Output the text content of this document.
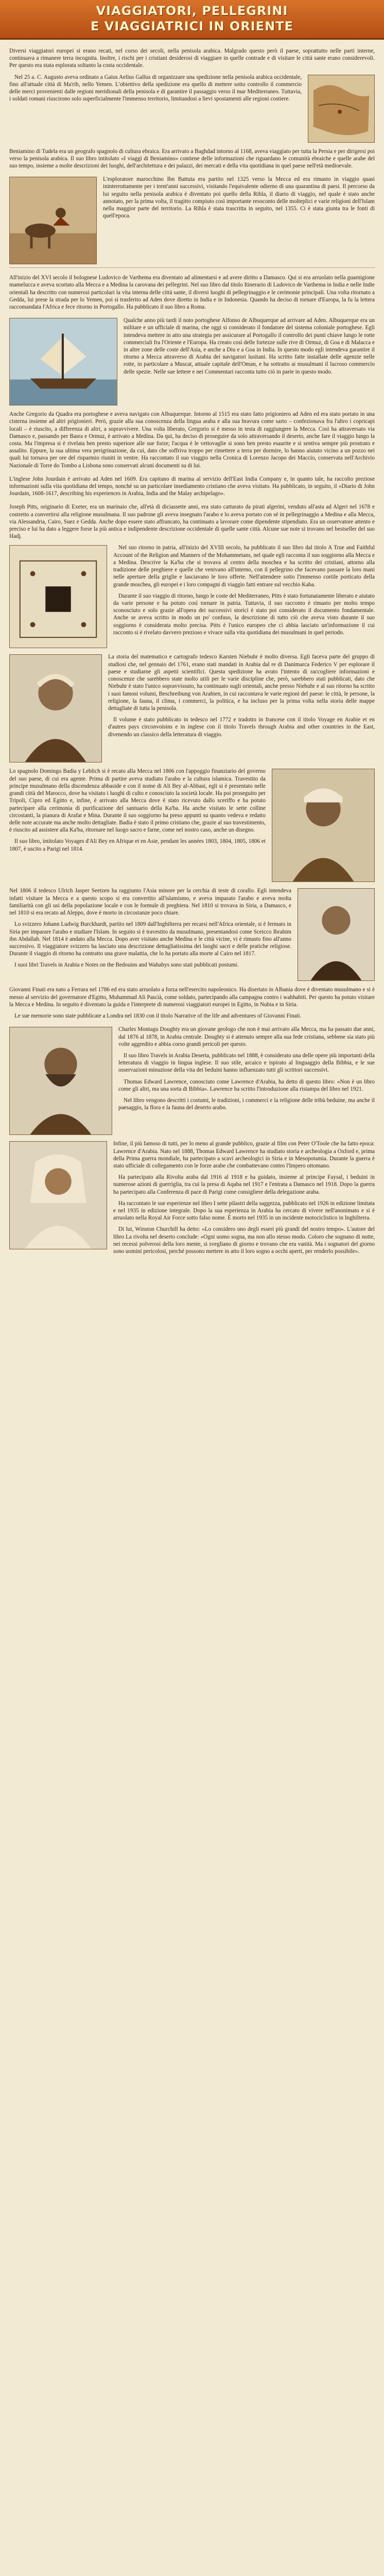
VIAGGIATORI, PELLEGRINI
E VIAGGIATRICI IN ORIENTE

Diversi viaggiatori europei si erano recati, nel corso dei secoli, nella penisola arabica. Malgrado questo però il paese, soprattutto nelle parti interne, continuava a rimanere terra incognita. Inoltre, i rischi per i cristiani desiderosi di viaggiare in quelle contrade e di visitare le città sante erano considerevoli. Per questo era stata esplorata soltanto la costa occidentale.

Nel 25 a. C. Augusto aveva ordinato a Gaius Aelius Gallus di organizzare una spedizione nella penisola arabica occidentale, fino all'attuale città di Ma'rib, nello Yemen. L'obiettivo della spedizione era quello di mettere sotto controllo il commercio delle merci provenienti dalle regioni meridionali della penisola e di garantire il passaggio verso il mar Mediterraneo. Tuttavia, i soldati romani riuscirono solo superficialmente l'immenso territorio, limitandosi a lievi spostamenti alle regioni costiere.

Beniamino di Tudela era un geografo spagnolo di cultura ebraica. Era arrivato a Baghdad intorno al 1168, aveva viaggiato per tutta la Persia e per dirigersi poi verso la penisola arabica. Il suo libro intitolato «I viaggi di Beniamino» contiene delle informazioni che riguardano le comunità ebraiche e quelle arabe del suo tempo, insieme a molte descrizioni dei luoghi, dell'architettura e dei palazzi, dei mercati e della vita quotidiana in quel paese nell'età medioevale.

L'esploratore marocchino Ibn Battuta era partito nel 1325 verso la Mecca ed era rimasto in viaggio quasi ininterrottamente per i trent'anni successivi, visitando l'equivalente odierno di una quarantina di paesi. Il percorso da lui seguito nella penisola arabica è diventato poi quello della Rihla, il diario di viaggio, nel quale è stato anche annotato, per la prima volta, il tragitto compiuto così importante resoconto delle molteplici e varie religioni dell'Islam nella maggior parte del territorio. La Rihla è stata trascritta in seguito, nel 1355. Ci è stata giunta tra le fonti di quell'epoca.

All'inizio del XVI secolo il bolognese Ludovico de Varthema era diventato ad alimentarsi e ad avere diritto a Damasco. Qui si era arruolato nella guarnigione mamelucca e aveva scortato alla Mecca e a Medina la carovana dei pellegrini. Nel suo libro dal titolo Itinerario di Ludovico de Varthema in India e nelle Indie orientali ha descritto con numerosi particolari la vita interna delle città sante, il diversi luoghi di pellegrinaggio e le cerimonie principali. Una volta ritornato a Gedda, lui prese la strada per lo Yemen, poi si trasferito ad Aden dove diretto in India e in Indonesia. Quando ha deciso di tornare d'Europa, la fu la lettera raccomandata l'Africa e fece ritorno in Portogallo. Ha pubblicato il suo libro a Roma.

Qualche anno più tardi il noto portoghese Alfonso de Albuquerque ad arrivare ad Aden. Albuquerque era un militare e un ufficiale di marina, che oggi si considerato il fondatore del sistema coloniale portoghese. Egli intendeva mettere in atto una strategia per assicurare al Portogallo il controllo dei punti chiave lungo le rotte commerciali fra l'Oriente e l'Europa. Ha creato così delle fortezze sulle rive di Ormuz, di Goa e di Malacca e in altre zone delle coste dell'Asia, e anche a Diu e a Goa in India. In questo modo egli intendeva garantire il ritorno a Mecca attraverso di Arabia dei navigatori lusitani. Ha scritto fatte installate delle agenzie nelle rotte, in particolare a Muscat, attuale capitale dell'Oman, e ha sottratto ai musulmani il lucroso commercio delle spezie. Nelle sue lettere e nei Commentari racconta tutto ciò in parte in questo modo.

Anche Gregorio da Quadra era portoghese e aveva navigato con Albuquerque. Intorno al 1515 era stato fatto prigioniero ad Aden ed era stato portato in una cisterna insieme ad altri prigionieri. Però, grazie alla sua conoscenza della lingua araba e alla sua bravura come sarto – confezionava fra l'altro i copricapi locali – è riuscito, a differenza di altri, a sopravvivere. Una volta liberato, Gregorio si è messo in testa di raggiungere la Mecca. Così ha attraversato via Damasco e, passando per Basra e Ormuz, è arrivato a Medina. Da qui, ha deciso di proseguire da solo attraversando il deserto, anche fare il viaggio lungo la costa. Ma l'impresa si è rivelata ben presto superiore alle sue forze; l'acqua è le vettovaglie si sono ben presto esaurite e si sentiva sempre più prostrato e assalito. Eppure, la sua ultima vera perigrinazione, da cui, dato che soffriva troppo per rimettere a terra per dormire, lo hanno aiutato vicino a un pozzo nei quali lui tornava per ore del risparmio riuniti in ventre. Ha raccontato il suo viaggio nella Cronica di Lorenzo Jacopo dei Maccio, conservata nell'Archivio Nazionale di Torre do Tombo a Lisbona sono conservati alcuni documenti su di lui.

L'inglese John Jourdain è arrivato ad Aden nel 1609. Era capitano di marina al servizio dell'East India Company e, in quanto tale, ha raccolto preziose informazioni sulla vita quotidiana del tempo, nonché su un particolare insediamento cristiano che aveva visitato. Ha pubblicato, in seguito, il «Diario di John Jourdain, 1608-1617, describing his experiences in Arabia, India and the Malay archipelago».

Joseph Pitts, originario di Exeter, era un marinaio che, all'età di diciassette anni, era stato catturato da pirati algerini, venduto all'asta ad Algeri nel 1678 e costretto a convertirsi alla religione musulmana. Il suo padrone gli aveva insegnato l'arabo e lo aveva portato con sé in pellegrinaggio a Medina e alla Mecca, via Alessandria, Cairo, Suez e Gedda. Anche dopo essere stato affrancato, ha continuato a lavorare come dipendente stipendiato. Era un osservatore attento e preciso e lui ha dato a leggere forse la più antica e indipendente descrizione occidentale di quelle sante città. Alcune sue note si trovano nel bestseller del suo Hadj.

Nel suo ritorno in patria, all'inizio del XVIII secolo, ha pubblicato il suo libro dal titolo A True and Faithful Account of the Religion and Manners of the Mohammetans, nel quale egli racconta il suo soggiorno alla Mecca e a Medina. Descrive la Ka'ba che si trovava al centro della moschea e ha scritto dei cristiani, attorno alla tradizione delle preghiere e quelle che venivano all'interno, con il pellegrino che facevano passare la loro mani nelle aperture della griglie e lasciavano le loro offerte. Nell'attendere sotto l'immenso cortile porticato della grande moschea, gli europei e i loro compagni di viaggio fatti entrare sul vecchio Kaba.

Durante il suo viaggio di ritorno, lungo le coste del Mediterraneo, Pitts è stato fortunatamente liberato e aiutato da varie persone e ha potuto così tornare in patria. Tuttavia, il suo racconto è rimasto per molto tempo sconosciuto e solo grazie all'opera dei successivi storici è stato poi considerato il documento fondamentale. Anche se aveva scritto in modo un po' confuso, la descrizione di tutto ciò che aveva visto durante il suo soggiorno è considerata molto precisa. Pitts è l'unico europeo che ci abbia lasciato un'informazione il cui racconto si è rivelato davvero prezioso e vivace sulla vita quotidiana dei musulmani in quel periodo.

La storia del matematico e cartografo tedesco Karsten Niebuhr è molto diversa. Egli faceva parte del gruppo di studiosi che, nel gennaio del 1761, erano stati mandati in Arabia dal re di Danimarca Federico V per esplorare il paese e studiarne gli aspetti scientifici. Questa spedizione ha avuto l'intento di raccogliere informazioni e conoscenze che sarebbero state molto utili per le varie discipline che, però, sarebbero stati pubblicati, dato che Niebuhr è stato l'unico sopravvissuto, ha continuato sugli orientali, anche presso Niebuhr e al suo ritorno ha scritto i suoi famosi volumi, Beschreibung von Arabien, in cui raccontava le varie regioni del paese: le città, le persone, la religione, la fauna, il clima, i commerci, la politica, e ha incluso per la prima volta nella storia delle mappe dettagliate di tutta la penisola.

Il volume è stato pubblicato in tedesco nel 1772 e tradotto in francese con il titolo Voyage en Arabie et en d'autres pays circonvoisins e in inglese con il titolo Travels through Arabia and other countries in the East, divenendo un classico della letteratura di viaggio.

Lo spagnolo Domingo Badia y Leblich si è recato alla Mecca nel 1806 con l'appoggio finanziario del governo del suo paese, di cui era agente. Prima di partire aveva studiato l'arabo e la cultura islamica. Travestito da principe musulmano della discendenza abbaside e con il nome di Ali Bey al-Abbasi, egli si è presentato nelle grandi città del Marocco, dove ha visitato i luoghi di culto e conosciuto la società locale. Ha poi proseguito per Tripoli, Cipro ed Egitto e, infine, è arrivato alla Mecca dove è stato ricevuto dallo sceriffo e ha potuto partecipare alla cerimonia di purificazione del santuario della Ka'ba. Ha anche visitato le sette colline circostanti, la pianura di Arafat e Mina. Durante il suo soggiorno ha preso appunti su quanto vedeva e redatto delle note accurate ma anche molto dettagliate. Badia è stato il primo cristiano che, grazie al suo travestimento, è riuscito ad assistere alla Ka'ba, ritornare nel luogo sacro e farne, come nel nostro caso, anche un disegno.

Il suo libro, intitolato Voyages d'Ali Bey en Afrique et en Asie, pendant les années 1803, 1804, 1805, 1806 et 1807, è uscito a Parigi nel 1814.

Nel 1806 il tedesco Ulrich Jasper Seetzen ha raggiunto l'Asia minore per la cerchia di teste di corallo. Egli intendeva infatti visitare la Mecca e a questo scopo si era convertito all'islamismo, e aveva imparato l'arabo e aveva molta familiarità con gli usi della popolazione locale e con le formule di preghiera. Nel 1810 si trovava in Siria, a Damasco, e nel 1810 si era recato ad Aleppo, dove è morto in circostanze poco chiare.

Lo svizzero Johann Ludwig Burckhardt, partito nel 1809 dall'Inghilterra per recarsi nell'Africa orientale, si è fermato in Siria per imparare l'arabo e studiare l'Islam. In seguito si è travestito da musulmano, presentandosi come Sceicco Ibrahim ibn Abdallah. Nel 1814 è andato alla Mecca. Dopo aver visitato anche Medina e le città vicine, vi è rimasto fino all'anno successivo. Il viaggiatore svizzero ha lasciato una descrizione dettagliatissima dei luoghi sacri e delle pratiche religiose. Durante il viaggio di ritorno ha contratto una grave malattia, che lo ha portato alla morte al Cairo nel 1817.

I suoi libri Travels in Arabia e Notes on the Bedouins and Wahabys sono stati pubblicati postumi.

Giovanni Finati era nato a Ferrara nel 1786 ed era stato arruolato a forza nell'esercito napoleonico. Ha disertato in Albania dove è diventato musulmano e si è messo al servizio del governatore d'Egitto, Muhammad Ali Pascià, come soldato, partecipando alla campagna contro i wahhabiti. Per questo ha potuto visitare la Mecca e Medina. In seguito è diventato la guida e l'interprete di numerosi viaggiatori europei in Egitto, in Nubia e in Siria.

Le sue memorie sono state pubblicate a Londra nel 1830 con il titolo Narrative of the life and adventures of Giovanni Finati.

Charles Montagu Doughty era un giovane geologo che non è mai arrivato alla Mecca, ma ha passato due anni, dal 1876 al 1878, in Arabia centrale. Doughty si è attenuto sempre alla sua fede cristiana, sebbene sia stato più volte aggredito e abbia corso grandi pericoli per questo.

Il suo libro Travels in Arabia Deserta, pubblicato nel 1888, è considerato una delle opere più importanti della letteratura di viaggio in lingua inglese. Il suo stile, arcaico e ispirato al linguaggio della Bibbia, e le sue osservazioni minuziose della vita dei beduini hanno influenzato tutti gli scrittori successivi.

Thomas Edward Lawrence, conosciuto come Lawrence d'Arabia, ha detto di questo libro: «Non è un libro come gli altri, ma una sorta di Bibbia». Lawrence ha scritto l'introduzione alla ristampa del libro nel 1921.

Nel libro vengono descritti i costumi, le tradizioni, i commerci e la religione delle tribù beduine, ma anche il paesaggio, la flora e la fauna del deserto arabo.

Infine, il più famoso di tutti, per lo meno al grande pubblico, grazie al film con Peter O'Toole che ha fatto epoca: Lawrence d'Arabia. Nato nel 1888, Thomas Edward Lawrence ha studiato storia e archeologia a Oxford e, prima della Prima guerra mondiale, ha partecipato a scavi archeologici in Siria e in Mesopotamia. Durante la guerra è stato ufficiale di collegamento con le forze arabe che combattevano contro l'Impero ottomano.

Ha partecipato alla Rivolta araba dal 1916 al 1918 e ha guidato, insieme al principe Faysal, i beduini in numerose azioni di guerriglia, tra cui la presa di Aqaba nel 1917 e l'entrata a Damasco nel 1918. Dopo la guerra ha partecipato alla Conferenza di pace di Parigi come consigliere della delegazione araba.

Ha raccontato le sue esperienze nel libro I sette pilastri della saggezza, pubblicato nel 1926 in edizione limitata e nel 1935 in edizione integrale. Dopo la sua esperienza in Arabia ha cercato di vivere nell'anonimato e si è arruolato nella Royal Air Force sotto falso nome. È morto nel 1935 in un incidente motociclistico in Inghilterra.

Di lui, Winston Churchill ha detto: «Lo considero uno degli esseri più grandi del nostro tempo». L'autore del libro La rivolta nel deserto conclude: «Ogni uomo sogna, ma non allo stesso modo. Coloro che sognano di notte, nei recessi polverosi della loro mente, si svegliano di giorno e trovano che era vanità. Ma i sognatori del giorno sono uomini pericolosi, perché possono mettere in atto il loro sogno a occhi aperti, per renderlo possibile».
